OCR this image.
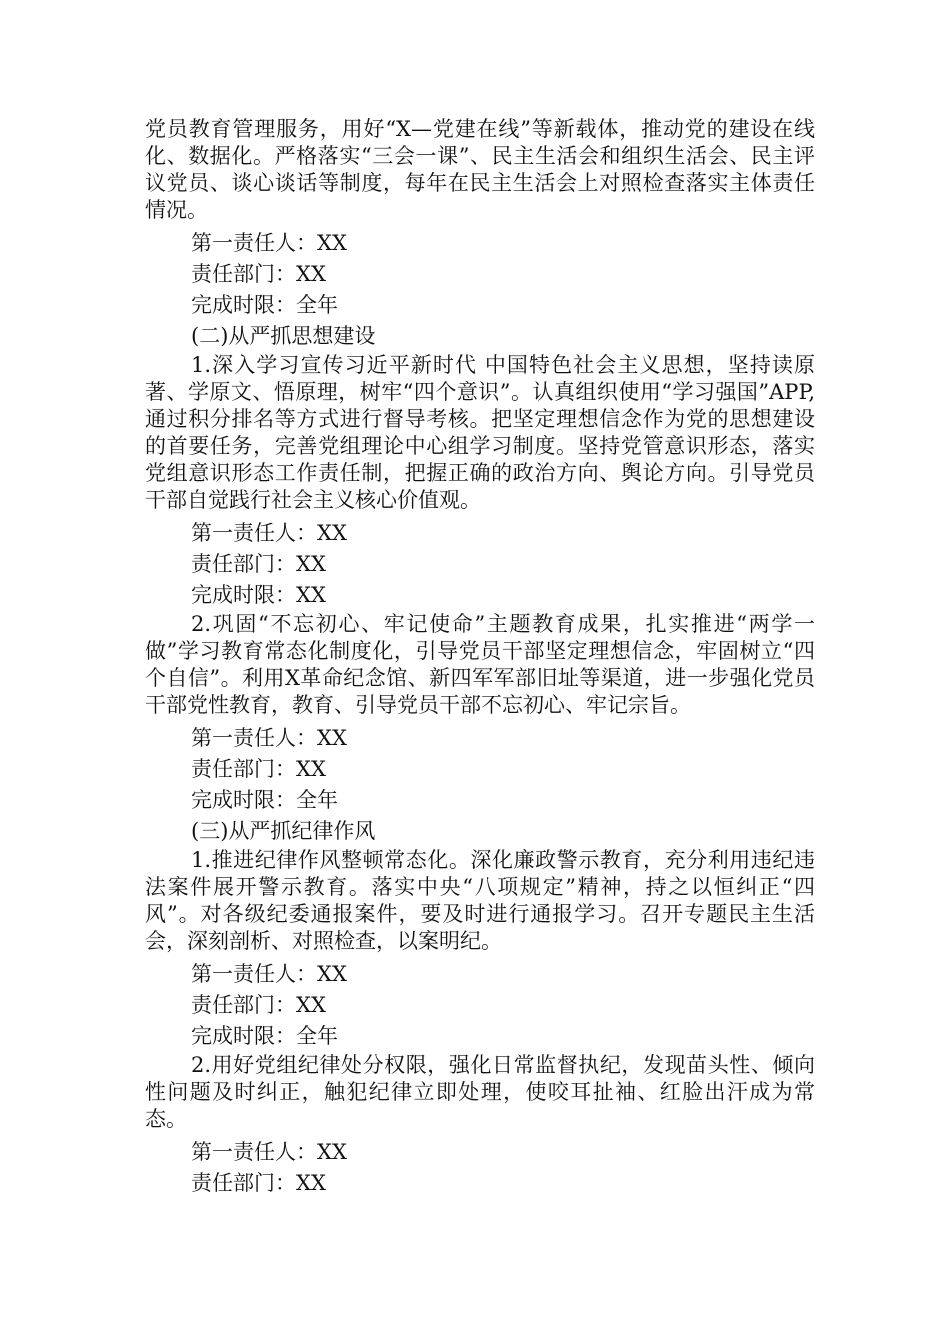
党员教育管理服务，用好“X—党建在线”等新载体，推动党的建设在线化、数据化。严格落实“三会一课”、民主生活会和组织生活会、民主评议党员、谈心谈话等制度，每年在民主生活会上对照检查落实主体责任情况。

第一责任人：XX

责任部门：XX

完成时限：全年

(二)从严抓思想建设

1.深入学习宣传习近平新时代 中国特色社会主义思想，坚持读原著、学原文、悟原理，树牢“四个意识”。认真组织使用“学习强国”APP,通过积分排名等方式进行督导考核。把坚定理想信念作为党的思想建设的首要任务，完善党组理论中心组学习制度。坚持党管意识形态，落实党组意识形态工作责任制，把握正确的政治方向、舆论方向。引导党员干部自觉践行社会主义核心价值观。

第一责任人：XX

责任部门：XX

完成时限：XX

2.巩固“不忘初心、牢记使命”主题教育成果，扎实推进“两学一做”学习教育常态化制度化，引导党员干部坚定理想信念，牢固树立“四个自信”。利用X革命纪念馆、新四军军部旧址等渠道，进一步强化党员干部党性教育，教育、引导党员干部不忘初心、牢记宗旨。

第一责任人：XX

责任部门：XX

完成时限：全年

(三)从严抓纪律作风

1.推进纪律作风整顿常态化。深化廉政警示教育，充分利用违纪违法案件展开警示教育。落实中央“八项规定”精神，持之以恒纠正“四风”。对各级纪委通报案件，要及时进行通报学习。召开专题民主生活会，深刻剖析、对照检查，以案明纪。

第一责任人：XX

责任部门：XX

完成时限：全年

2.用好党组纪律处分权限，强化日常监督执纪，发现苗头性、倾向性问题及时纠正，触犯纪律立即处理，使咬耳扯袖、红脸出汗成为常态。

第一责任人：XX

责任部门：XX
